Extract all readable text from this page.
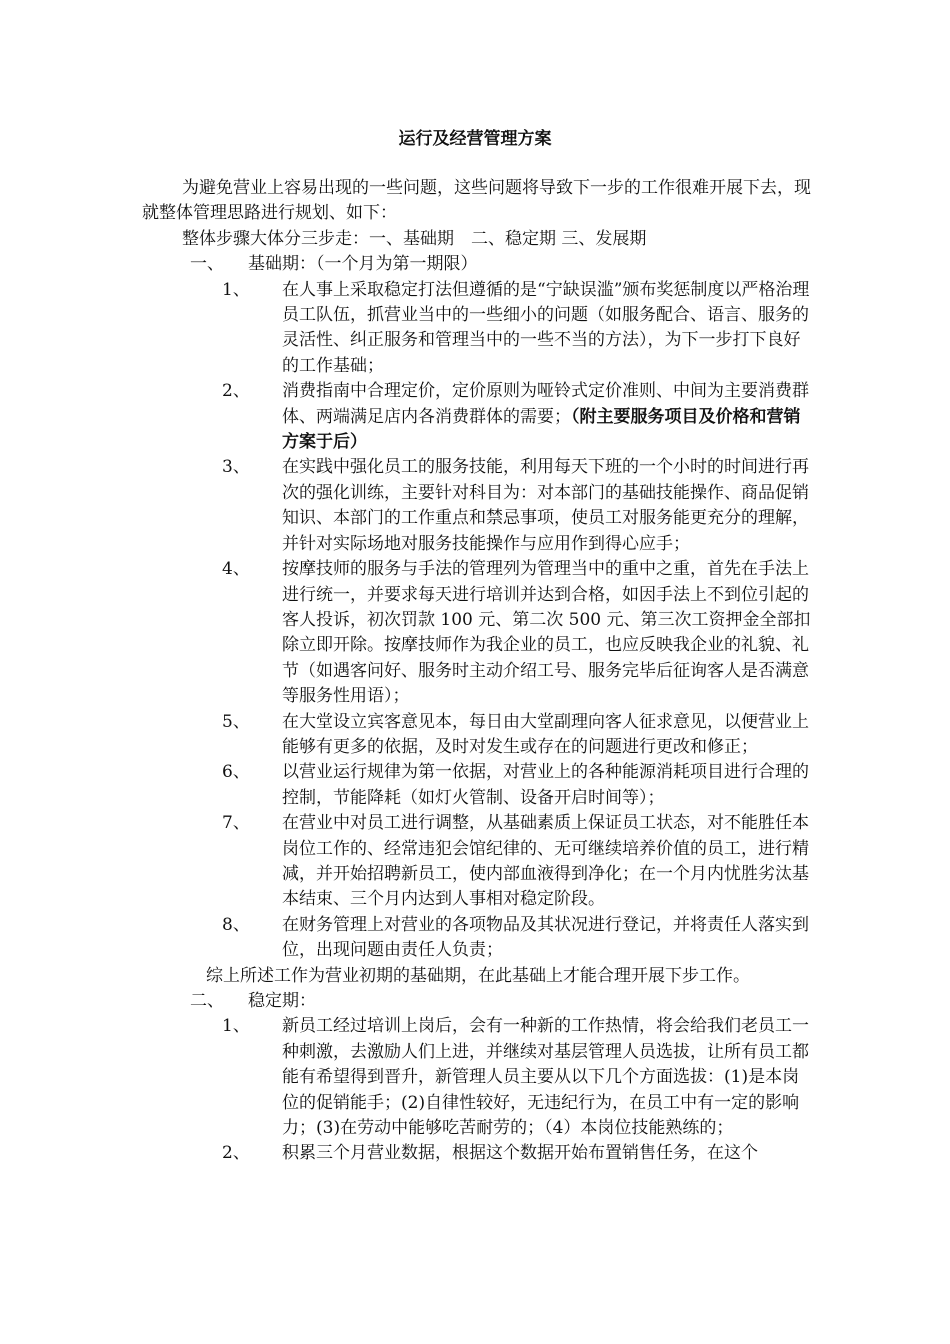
运行及经营管理方案

为避免营业上容易出现的一些问题，这些问题将导致下一步的工作很难开展下去，现就整体管理思路进行规划、如下：

整体步骤大体分三步走：一、基础期　二、稳定期 三、发展期

一、 基础期：（一个月为第一期限）

1、	在人事上采取稳定打法但遵循的是“宁缺误滥”颁布奖惩制度以严格治理员工队伍，抓营业当中的一些细小的问题（如服务配合、语言、服务的灵活性、纠正服务和管理当中的一些不当的方法），为下一步打下良好的工作基础；
2、	消费指南中合理定价，定价原则为哑铃式定价准则、中间为主要消费群体、两端满足店内各消费群体的需要；（附主要服务项目及价格和营销方案于后）
3、	在实践中强化员工的服务技能，利用每天下班的一个小时的时间进行再次的强化训练，主要针对科目为：对本部门的基础技能操作、商品促销知识、本部门的工作重点和禁忌事项，使员工对服务能更充分的理解，并针对实际场地对服务技能操作与应用作到得心应手；
4、	按摩技师的服务与手法的管理列为管理当中的重中之重，首先在手法上进行统一，并要求每天进行培训并达到合格，如因手法上不到位引起的客人投诉，初次罚款 100 元、第二次 500 元、第三次工资押金全部扣除立即开除。按摩技师作为我企业的员工，也应反映我企业的礼貌、礼节（如遇客问好、服务时主动介绍工号、服务完毕后征询客人是否满意等服务性用语）；
5、	在大堂设立宾客意见本，每日由大堂副理向客人征求意见，以便营业上能够有更多的依据，及时对发生或存在的问题进行更改和修正；
6、	以营业运行规律为第一依据，对营业上的各种能源消耗项目进行合理的控制，节能降耗（如灯火管制、设备开启时间等）；
7、	在营业中对员工进行调整，从基础素质上保证员工状态，对不能胜任本岗位工作的、经常违犯会馆纪律的、无可继续培养价值的员工，进行精减，并开始招聘新员工，使内部血液得到净化；在一个月内忧胜劣汰基本结束、三个月内达到人事相对稳定阶段。
8、	在财务管理上对营业的各项物品及其状况进行登记，并将责任人落实到位，出现问题由责任人负责；

综上所述工作为营业初期的基础期，在此基础上才能合理开展下步工作。

二、 稳定期：

1、	新员工经过培训上岗后，会有一种新的工作热情，将会给我们老员工一种刺激，去激励人们上进，并继续对基层管理人员选拔，让所有员工都能有希望得到晋升，新管理人员主要从以下几个方面选拔：(1)是本岗位的促销能手；(2)自律性较好，无违纪行为，在员工中有一定的影响力；(3)在劳动中能够吃苦耐劳的；（4）本岗位技能熟练的；
2、	积累三个月营业数据，根据这个数据开始布置销售任务，在这个
